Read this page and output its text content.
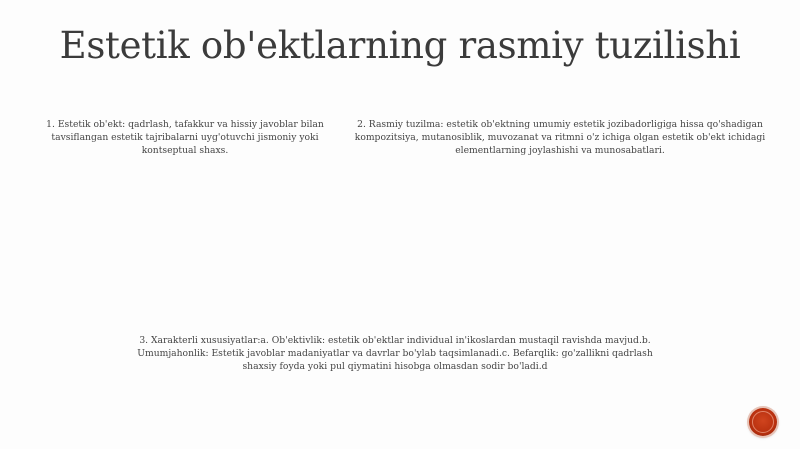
Estetik ob'ektlarning rasmiy tuzilishi

1. Estetik ob'ekt: qadrlash, tafakkur va hissiy javoblar bilan tavsiflangan estetik tajribalarni uyg'otuvchi jismoniy yoki kontseptual shaxs.

2. Rasmiy tuzilma: estetik ob'ektning umumiy estetik jozibadorligiga hissa qo'shadigan kompozitsiya, mutanosiblik, muvozanat va ritmni o'z ichiga olgan estetik ob'ekt ichidagi elementlarning joylashishi va munosabatlari.

3. Xarakterli xususiyatlar:a. Ob'ektivlik: estetik ob'ektlar individual in'ikoslardan mustaqil ravishda mavjud.b. Umumjahonlik: Estetik javoblar madaniyatlar va davrlar bo'ylab taqsimlanadi.c. Befarqlik: go'zallikni qadrlash shaxsiy foyda yoki pul qiymatini hisobga olmasdan sodir bo'ladi.d
